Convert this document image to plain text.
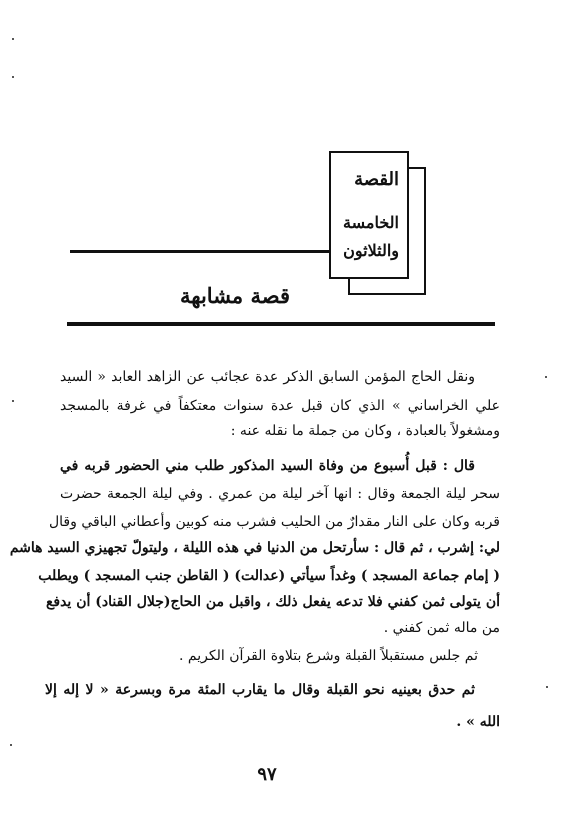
القصة
الخامسة
والثلاثون
قصة مشابهة
ونقل الحاج المؤمن السابق الذكر عدة عجائب عن الزاهد العابد « السيد
علي الخراساني » الذي كان قبل عدة سنوات معتكفاً في غرفة بالمسجد
ومشغولاً بالعبادة ، وكان من جملة ما نقله عنه :
قال : قبل أُسبوع من وفاة السيد المذكور طلب مني الحضور قربه في
سحر ليلة الجمعة وقال : انها آخر ليلة من عمري . وفي ليلة الجمعة حضرت
قربه وكان على النار مقدارٌ من الحليب فشرب منه كوبين وأعطاني الباقي وقال
لي: إشرب ، ثم قال : سأرتحل من الدنيا في هذه الليلة ، وليتولّ تجهيزي السيد هاشم
( إمام جماعة المسجد ) وغداً سيأتي (عدالت) ( القاطن جنب المسجد ) ويطلب
أن يتولى ثمن كفني فلا تدعه يفعل ذلك ، واقبل من الحاج(جلال القناد) أن يدفع
من ماله ثمن كفني .
ثم جلس مستقبلاً القبلة وشرع بتلاوة القرآن الكريم .
ثم حدق بعينيه نحو القبلة وقال ما يقارب المئة مرة وبسرعة « لا إله إلا
الله » .
٩٧
